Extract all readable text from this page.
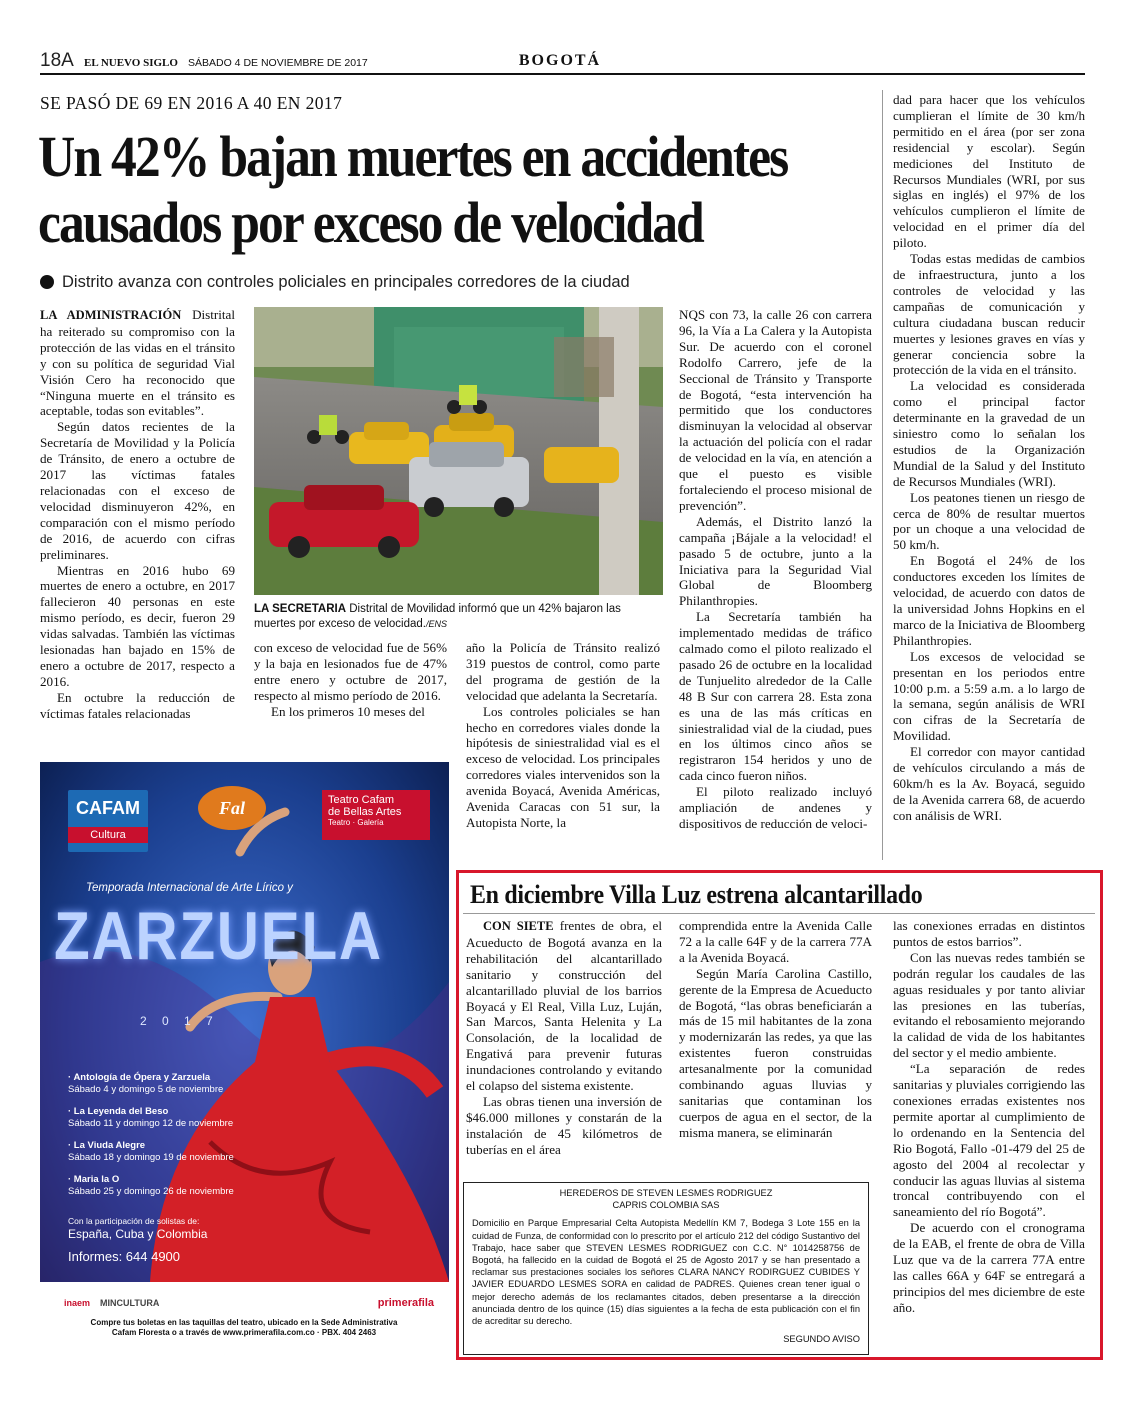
18A EL NUEVO SIGLO SÁBADO 4 DE NOVIEMBRE DE 2017	BOGOTÁ
SE PASÓ DE 69 EN 2016 A 40 EN 2017
Un 42% bajan muertes en accidentes
causados por exceso de velocidad
Distrito avanza con controles policiales en principales corredores de la ciudad

LA ADMINISTRACIÓN Distrital ha reiterado su compromiso con la protección de las vidas en el tránsito y con su política de seguridad Vial Visión Cero ha reconocido que “Ninguna muerte en el tránsito es aceptable, todas son evitables”.

Según datos recientes de la Secretaría de Movilidad y la Policía de Tránsito, de enero a octubre de 2017 las víctimas fatales relacionadas con el exceso de velocidad disminuyeron 42%, en comparación con el mismo período de 2016, de acuerdo con cifras preliminares.

Mientras en 2016 hubo 69 muertes de enero a octubre, en 2017 fallecieron 40 personas en este mismo período, es decir, fueron 29 vidas salvadas. También las víctimas lesionadas han bajado en 15% de enero a octubre de 2017, respecto a 2016.

En octubre la reducción de víctimas fatales relacionadas

LA SECRETARIA Distrital de Movilidad informó que un 42% bajaron las muertes por exceso de velocidad./ENS

con exceso de velocidad fue de 56% y la baja en lesionados fue de 47% entre enero y octubre de 2017, respecto al mismo período de 2016.

En los primeros 10 meses del

año la Policía de Tránsito realizó 319 puestos de control, como parte del programa de gestión de la velocidad que adelanta la Secretaría.

Los controles policiales se han hecho en corredores viales donde la hipótesis de siniestralidad vial es el exceso de velocidad. Los principales corredores viales intervenidos son la avenida Boyacá, Avenida Américas, Avenida Caracas con 51 sur, la Autopista Norte, la

NQS con 73, la calle 26 con carrera 96, la Vía a La Calera y la Autopista Sur. De acuerdo con el coronel Rodolfo Carrero, jefe de la Seccional de Tránsito y Transporte de Bogotá, “esta intervención ha permitido que los conductores disminuyan la velocidad al observar la actuación del policía con el radar de velocidad en la vía, en atención a que el puesto es visible fortaleciendo el proceso misional de prevención”.

Además, el Distrito lanzó la campaña ¡Bájale a la velocidad! el pasado 5 de octubre, junto a la Iniciativa para la Seguridad Vial Global de Bloomberg Philanthropies.

La Secretaría también ha implementado medidas de tráfico calmado como el piloto realizado el pasado 26 de octubre en la localidad de Tunjuelito alrededor de la Calle 48 B Sur con carrera 28. Esta zona es una de las más críticas en siniestralidad vial de la ciudad, pues en los últimos cinco años se registraron 154 heridos y uno de cada cinco fueron niños.

El piloto realizado incluyó ampliación de andenes y dispositivos de reducción de veloci-

dad para hacer que los vehículos cumplieran el límite de 30 km/h permitido en el área (por ser zona residencial y escolar). Según mediciones del Instituto de Recursos Mundiales (WRI, por sus siglas en inglés) el 97% de los vehículos cumplieron el límite de velocidad en el primer día del piloto.

Todas estas medidas de cambios de infraestructura, junto a los controles de velocidad y las campañas de comunicación y cultura ciudadana buscan reducir muertes y lesiones graves en vías y generar conciencia sobre la protección de la vida en el tránsito.

La velocidad es considerada como el principal factor determinante en la gravedad de un siniestro como lo señalan los estudios de la Organización Mundial de la Salud y del Instituto de Recursos Mundiales (WRI).

Los peatones tienen un riesgo de cerca de 80% de resultar muertos por un choque a una velocidad de 50 km/h.

En Bogotá el 24% de los conductores exceden los límites de velocidad, de acuerdo con datos de la universidad Johns Hopkins en el marco de la Iniciativa de Bloomberg Philanthropies.

Los excesos de velocidad se presentan en los periodos entre 10:00 p.m. a 5:59 a.m. a lo largo de la semana, según análisis de WRI con cifras de la Secretaría de Movilidad.

El corredor con mayor cantidad de vehículos circulando a más de 60km/h es la Av. Boyacá, seguido de la Avenida carrera 68, de acuerdo con análisis de WRI.

CAFAM
Cultura
Fal	Teatro Cafam
de Bellas Artes
Teatro · Galería
Temporada Internacional de Arte Lírico y
ZARZUELA
2 0 1 7
· Antología de Ópera y Zarzuela
Sábado 4 y domingo 5 de noviembre
· La Leyenda del Beso
Sábado 11 y domingo 12 de noviembre
· La Viuda Alegre
Sábado 18 y domingo 19 de noviembre
· Maria la O
Sábado 25 y domingo 26 de noviembre
Con la participación de solistas de:
España, Cuba y Colombia
Informes: 644 4900
inaem MINCULTURA	primerafila
Compre tus boletas en las taquillas del teatro, ubicado en la Sede Administrativa
Cafam Floresta o a través de www.primerafila.com.co · PBX. 404 2463
En diciembre Villa Luz estrena alcantarillado

CON SIETE frentes de obra, el Acueducto de Bogotá avanza en la rehabilitación del alcantarillado sanitario y construcción del alcantarillado pluvial de los barrios Boyacá y El Real, Villa Luz, Luján, San Marcos, Santa Helenita y La Consolación, de la localidad de Engativá para prevenir futuras inundaciones controlando y evitando el colapso del sistema existente.

Las obras tienen una inversión de $46.000 millones y constarán de la instalación de 45 kilómetros de tuberías en el área

comprendida entre la Avenida Calle 72 a la calle 64F y de la carrera 77A a la Avenida Boyacá.

Según María Carolina Castillo, gerente de la Empresa de Acueducto de Bogotá, “las obras beneficiarán a más de 15 mil habitantes de la zona y modernizarán las redes, ya que las existentes fueron construidas artesanalmente por la comunidad combinando aguas lluvias y sanitarias que contaminan los cuerpos de agua en el sector, de la misma manera, se eliminarán

las conexiones erradas en distintos puntos de estos barrios”.

Con las nuevas redes también se podrán regular los caudales de las aguas residuales y por tanto aliviar las presiones en las tuberías, evitando el rebosamiento mejorando la calidad de vida de los habitantes del sector y el medio ambiente.

“La separación de redes sanitarias y pluviales corrigiendo las conexiones erradas existentes nos permite aportar al cumplimiento de lo ordenando en la Sentencia del Rio Bogotá, Fallo -01-479 del 25 de agosto del 2004 al recolectar y conducir las aguas lluvias al sistema troncal contribuyendo con el saneamiento del río Bogotá”.

De acuerdo con el cronograma de la EAB, el frente de obra de Villa Luz que va de la carrera 77A entre las calles 66A y 64F se entregará a principios del mes diciembre de este año.

HEREDEROS DE STEVEN LESMES RODRIGUEZ
CAPRIS COLOMBIA SAS
Domicilio en Parque Empresarial Celta Autopista Medellín KM 7, Bodega 3 Lote 155 en la cuidad de Funza, de conformidad con lo prescrito por el artículo 212 del código Sustantivo del Trabajo, hace saber que STEVEN LESMES RODRIGUEZ con C.C. N° 1014258756 de Bogotá, ha fallecido en la cuidad de Bogotá el 25 de Agosto 2017 y se han presentado a reclamar sus prestaciones sociales los señores CLARA NANCY RODIRGUEZ CUBIDES Y JAVIER EDUARDO LESMES SORA en calidad de PADRES. Quienes crean tener igual o mejor derecho además de los reclamantes citados, deben presentarse a la dirección anunciada dentro de los quince (15) días siguientes a la fecha de esta publicación con el fin de acreditar su derecho.
SEGUNDO AVISO
